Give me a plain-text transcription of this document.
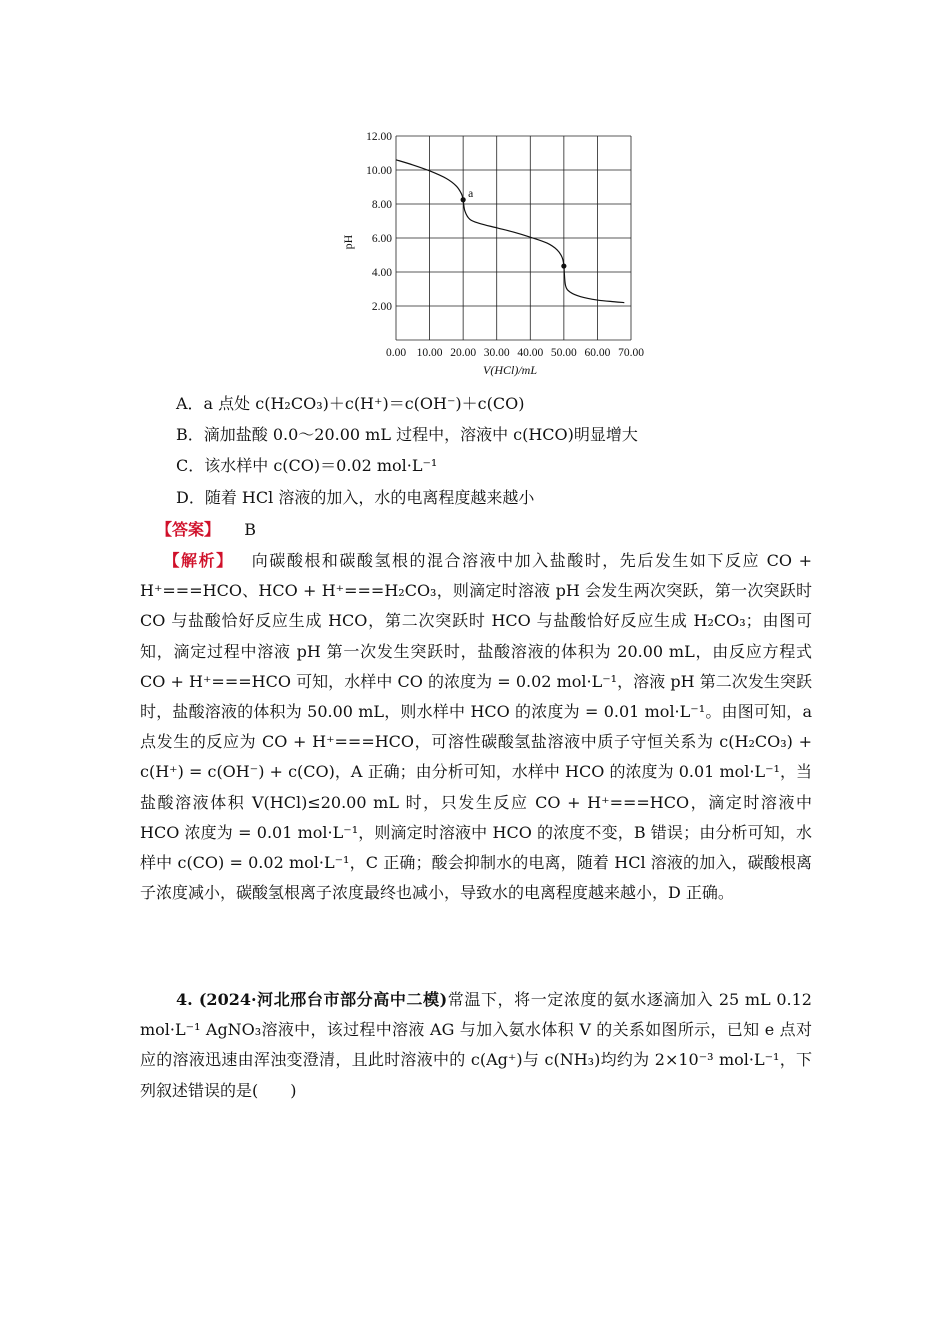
2.00
4.00
6.00
8.00
10.00
12.00
0.00 10.00 20.00 30.00 40.00 50.00 60.00 70.00
a
pH
V(HCl)/mL
A．a 点处 c(H₂CO₃)＋c(H⁺)＝c(OH⁻)＋c(CO)
B．滴加盐酸 0.0～20.00 mL 过程中，溶液中 c(HCO)明显增大
C．该水样中 c(CO)＝0.02 mol·L⁻¹
D．随着 HCl 溶液的加入，水的电离程度越来越小
【答案】 B
【解析】 向碳酸根和碳酸氢根的混合溶液中加入盐酸时，先后发生如下反应 CO + H⁺===HCO、HCO + H⁺===H₂CO₃，则滴定时溶液 pH 会发生两次突跃，第一次突跃时 CO 与盐酸恰好反应生成 HCO，第二次突跃时 HCO 与盐酸恰好反应生成 H₂CO₃；由图可知，滴定过程中溶液 pH 第一次发生突跃时，盐酸溶液的体积为 20.00 mL，由反应方程式 CO + H⁺===HCO 可知，水样中 CO 的浓度为 = 0.02 mol·L⁻¹，溶液 pH 第二次发生突跃时，盐酸溶液的体积为 50.00 mL，则水样中 HCO 的浓度为 = 0.01 mol·L⁻¹。由图可知，a 点发生的反应为 CO + H⁺===HCO，可溶性碳酸氢盐溶液中质子守恒关系为 c(H₂CO₃) + c(H⁺) = c(OH⁻) + c(CO)，A 正确；由分析可知，水样中 HCO 的浓度为 0.01 mol·L⁻¹，当盐酸溶液体积 V(HCl)≤20.00 mL 时，只发生反应 CO + H⁺===HCO，滴定时溶液中 HCO 浓度为 = 0.01 mol·L⁻¹，则滴定时溶液中 HCO 的浓度不变，B 错误；由分析可知，水样中 c(CO) = 0.02 mol·L⁻¹，C 正确；酸会抑制水的电离，随着 HCl 溶液的加入，碳酸根离子浓度减小，碳酸氢根离子浓度最终也减小，导致水的电离程度越来越小，D 正确。
4. (2024·河北邢台市部分高中二模)常温下，将一定浓度的氨水逐滴加入 25 mL 0.12 mol·L⁻¹ AgNO₃溶液中，该过程中溶液 AG 与加入氨水体积 V 的关系如图所示，已知 e 点对应的溶液迅速由浑浊变澄清，且此时溶液中的 c(Ag⁺)与 c(NH₃)均约为 2×10⁻³ mol·L⁻¹，下列叙述错误的是(　　)
